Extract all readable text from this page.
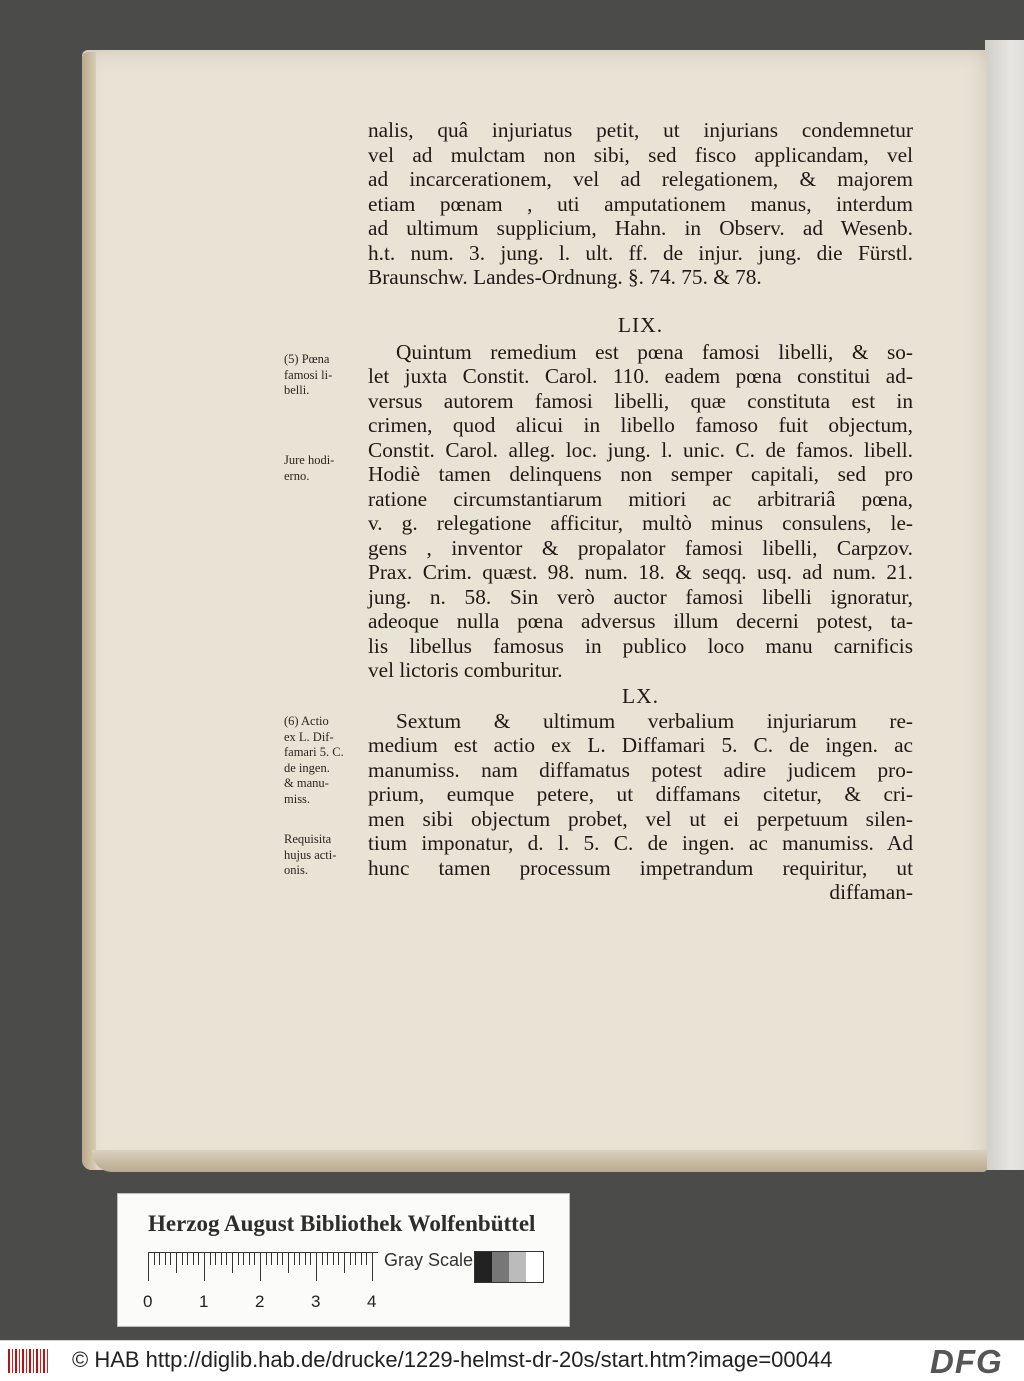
nalis, quâ injuriatus petit, ut injurians condemnetur
vel ad mulctam non sibi, sed fisco applicandam, vel
ad incarcerationem, vel ad relegationem, & majorem
etiam pœnam , uti amputationem manus, interdum
ad ultimum supplicium, Hahn. in Observ. ad Wesenb.
h.t. num. 3. jung. l. ult. ff. de injur. jung. die Fürstl.
Braunschw. Landes-Ordnung. §. 74. 75. & 78.
LIX.
Quintum remedium est pœna famosi libelli, & so-
let juxta Constit. Carol. 110. eadem pœna constitui ad-
versus autorem famosi libelli, quæ constituta est in
crimen, quod alicui in libello famoso fuit objectum,
Constit. Carol. alleg. loc. jung. l. unic. C. de famos. libell.
Hodiè tamen delinquens non semper capitali, sed pro
ratione circumstantiarum mitiori ac arbitrariâ pœna,
v. g. relegatione afficitur, multò minus consulens, le-
gens , inventor & propalator famosi libelli, Carpzov.
Prax. Crim. quæst. 98. num. 18. & seqq. usq. ad num. 21.
jung. n. 58. Sin verò auctor famosi libelli ignoratur,
adeoque nulla pœna adversus illum decerni potest, ta-
lis libellus famosus in publico loco manu carnificis
vel lictoris comburitur.
LX.
Sextum & ultimum verbalium injuriarum re-
medium est actio ex L. Diffamari 5. C. de ingen. ac
manumiss. nam diffamatus potest adire judicem pro-
prium, eumque petere, ut diffamans citetur, & cri-
men sibi objectum probet, vel ut ei perpetuum silen-
tium imponatur, d. l. 5. C. de ingen. ac manumiss. Ad
hunc tamen processum impetrandum requiritur, ut
diffaman-
(5) Pœna
famosi li-
belli.
Jure hodi-
erno.
(6) Actio
ex L. Dif-
famari 5. C.
de ingen.
& manu-
miss.
Requisita
hujus acti-
onis.
Herzog August Bibliothek Wolfenbüttel
0	1	2	3	4
Gray Scale
© HAB http://diglib.hab.de/drucke/1229-helmst-dr-20s/start.htm?image=00044	DFG
